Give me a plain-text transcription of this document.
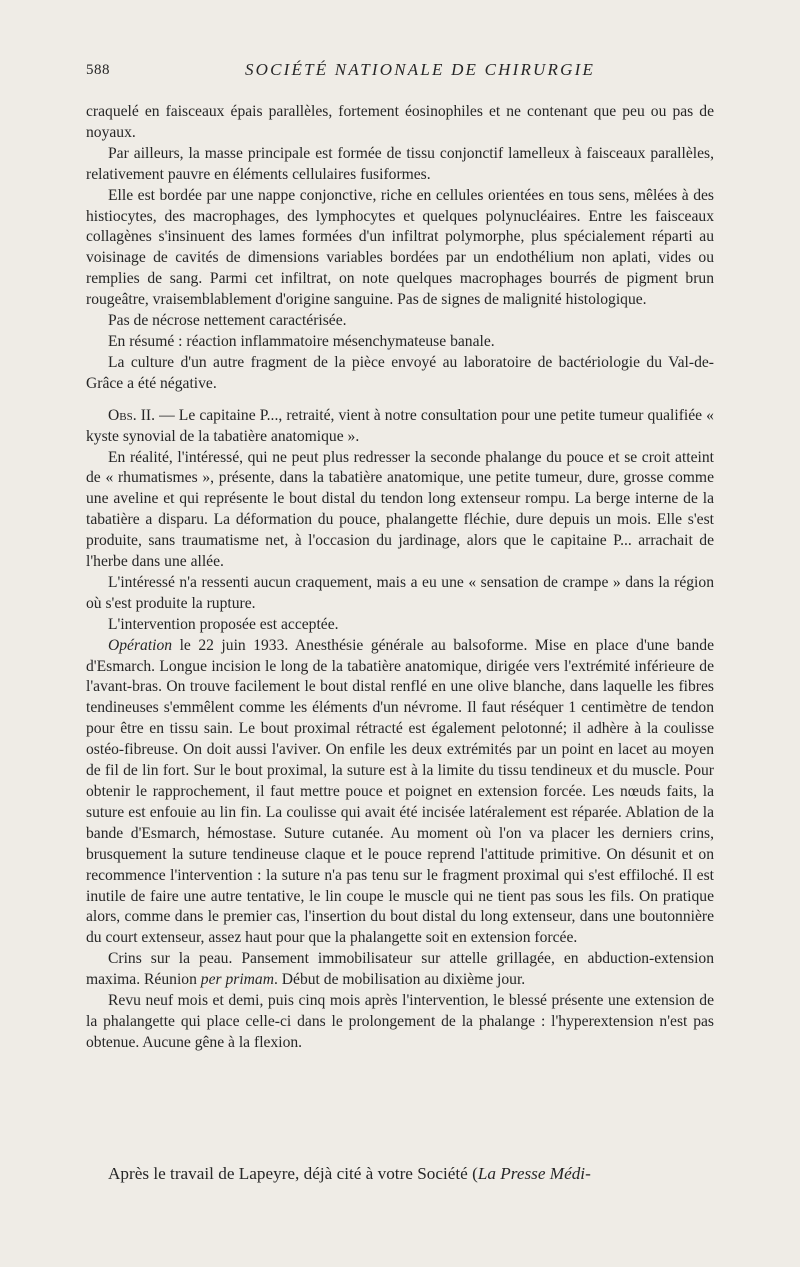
588	SOCIÉTÉ NATIONALE DE CHIRURGIE

craquelé en faisceaux épais parallèles, fortement éosinophiles et ne contenant que peu ou pas de noyaux.

Par ailleurs, la masse principale est formée de tissu conjonctif lamelleux à faisceaux parallèles, relativement pauvre en éléments cellulaires fusiformes.

Elle est bordée par une nappe conjonctive, riche en cellules orientées en tous sens, mêlées à des histiocytes, des macrophages, des lymphocytes et quelques polynucléaires. Entre les faisceaux collagènes s'insinuent des lames formées d'un infiltrat polymorphe, plus spécialement réparti au voisinage de cavités de dimensions variables bordées par un endothélium non aplati, vides ou remplies de sang. Parmi cet infiltrat, on note quelques macrophages bourrés de pigment brun rougeâtre, vraisemblablement d'origine sanguine. Pas de signes de malignité histologique.

Pas de nécrose nettement caractérisée.

En résumé : réaction inflammatoire mésenchymateuse banale.

La culture d'un autre fragment de la pièce envoyé au laboratoire de bactériologie du Val-de-Grâce a été négative.

Obs. II. — Le capitaine P..., retraité, vient à notre consultation pour une petite tumeur qualifiée « kyste synovial de la tabatière anatomique ».

En réalité, l'intéressé, qui ne peut plus redresser la seconde phalange du pouce et se croit atteint de « rhumatismes », présente, dans la tabatière anatomique, une petite tumeur, dure, grosse comme une aveline et qui représente le bout distal du tendon long extenseur rompu. La berge interne de la tabatière a disparu. La déformation du pouce, phalangette fléchie, dure depuis un mois. Elle s'est produite, sans traumatisme net, à l'occasion du jardinage, alors que le capitaine P... arrachait de l'herbe dans une allée.

L'intéressé n'a ressenti aucun craquement, mais a eu une « sensation de crampe » dans la région où s'est produite la rupture.

L'intervention proposée est acceptée.

Opération le 22 juin 1933. Anesthésie générale au balsoforme. Mise en place d'une bande d'Esmarch. Longue incision le long de la tabatière anatomique, dirigée vers l'extrémité inférieure de l'avant-bras. On trouve facilement le bout distal renflé en une olive blanche, dans laquelle les fibres tendineuses s'emmêlent comme les éléments d'un névrome. Il faut réséquer 1 centimètre de tendon pour être en tissu sain. Le bout proximal rétracté est également pelotonné; il adhère à la coulisse ostéo-fibreuse. On doit aussi l'aviver. On enfile les deux extrémités par un point en lacet au moyen de fil de lin fort. Sur le bout proximal, la suture est à la limite du tissu tendineux et du muscle. Pour obtenir le rapprochement, il faut mettre pouce et poignet en extension forcée. Les nœuds faits, la suture est enfouie au lin fin. La coulisse qui avait été incisée latéralement est réparée. Ablation de la bande d'Esmarch, hémostase. Suture cutanée. Au moment où l'on va placer les derniers crins, brusquement la suture tendineuse claque et le pouce reprend l'attitude primitive. On désunit et on recommence l'intervention : la suture n'a pas tenu sur le fragment proximal qui s'est effiloché. Il est inutile de faire une autre tentative, le lin coupe le muscle qui ne tient pas sous les fils. On pratique alors, comme dans le premier cas, l'insertion du bout distal du long extenseur, dans une boutonnière du court extenseur, assez haut pour que la phalangette soit en extension forcée.

Crins sur la peau. Pansement immobilisateur sur attelle grillagée, en abduction-extension maxima. Réunion per primam. Début de mobilisation au dixième jour.

Revu neuf mois et demi, puis cinq mois après l'intervention, le blessé présente une extension de la phalangette qui place celle-ci dans le prolongement de la phalange : l'hyperextension n'est pas obtenue. Aucune gêne à la flexion.

Après le travail de Lapeyre, déjà cité à votre Société (La Presse Médi-
